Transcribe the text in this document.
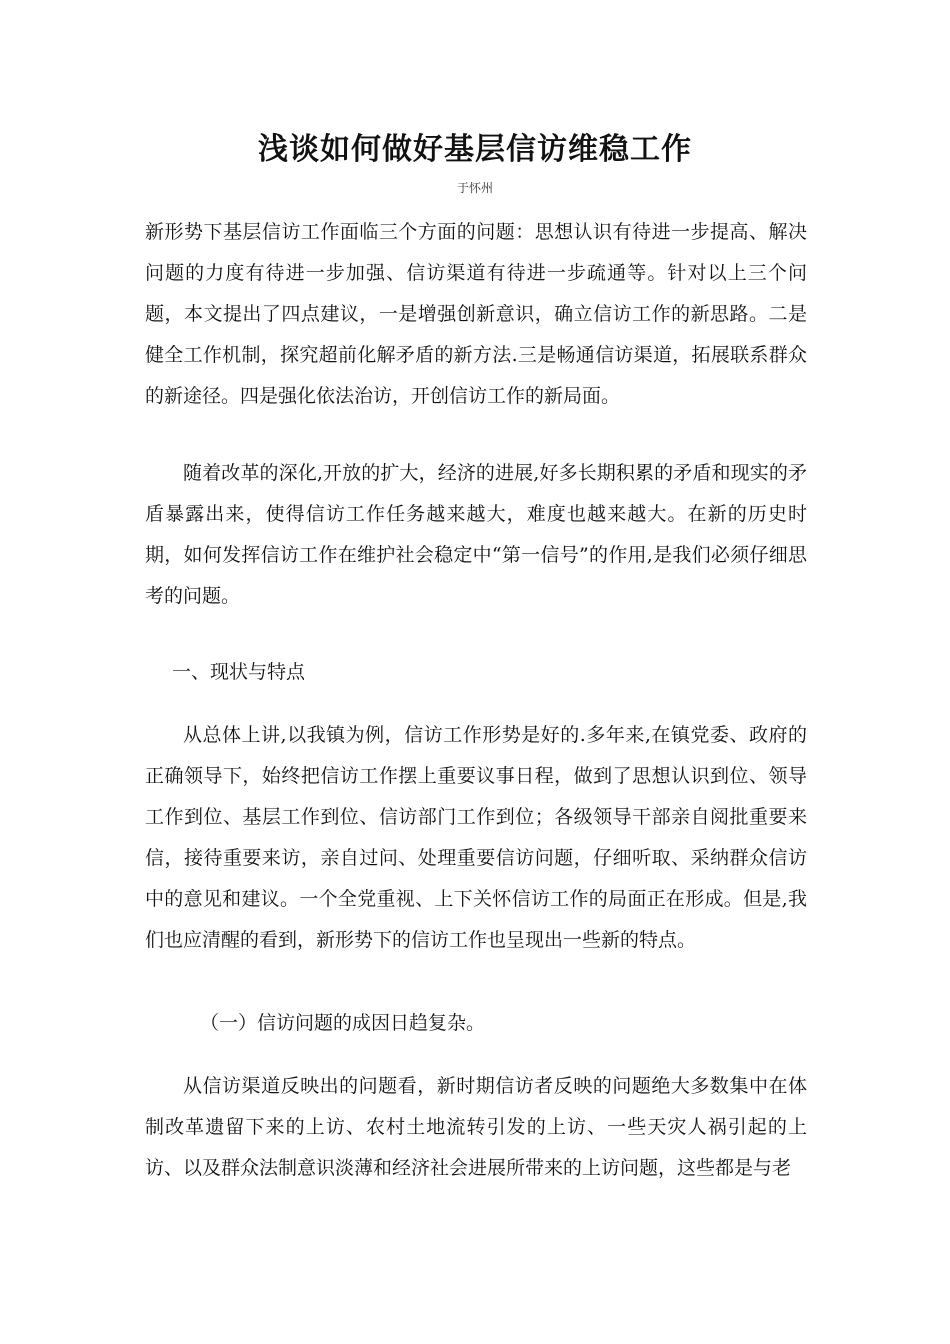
浅谈如何做好基层信访维稳工作
于怀州

新形势下基层信访工作面临三个方面的问题：思想认识有待进一步提高、解决问题的力度有待进一步加强、信访渠道有待进一步疏通等。针对以上三个问题，本文提出了四点建议，一是增强创新意识，确立信访工作的新思路。二是健全工作机制，探究超前化解矛盾的新方法.三是畅通信访渠道，拓展联系群众的新途径。四是强化依法治访，开创信访工作的新局面。

随着改革的深化,开放的扩大，经济的进展,好多长期积累的矛盾和现实的矛盾暴露出来，使得信访工作任务越来越大，难度也越来越大。在新的历史时期，如何发挥信访工作在维护社会稳定中“第一信号”的作用,是我们必须仔细思考的问题。

一、现状与特点

从总体上讲,以我镇为例，信访工作形势是好的.多年来,在镇党委、政府的正确领导下，始终把信访工作摆上重要议事日程，做到了思想认识到位、领导工作到位、基层工作到位、信访部门工作到位；各级领导干部亲自阅批重要来信，接待重要来访，亲自过问、处理重要信访问题，仔细听取、采纳群众信访中的意见和建议。一个全党重视、上下关怀信访工作的局面正在形成。但是,我们也应清醒的看到，新形势下的信访工作也呈现出一些新的特点。

（一）信访问题的成因日趋复杂。

从信访渠道反映出的问题看，新时期信访者反映的问题绝大多数集中在体制改革遗留下来的上访、农村土地流转引发的上访、一些天灾人祸引起的上访、以及群众法制意识淡薄和经济社会进展所带来的上访问题，这些都是与老
